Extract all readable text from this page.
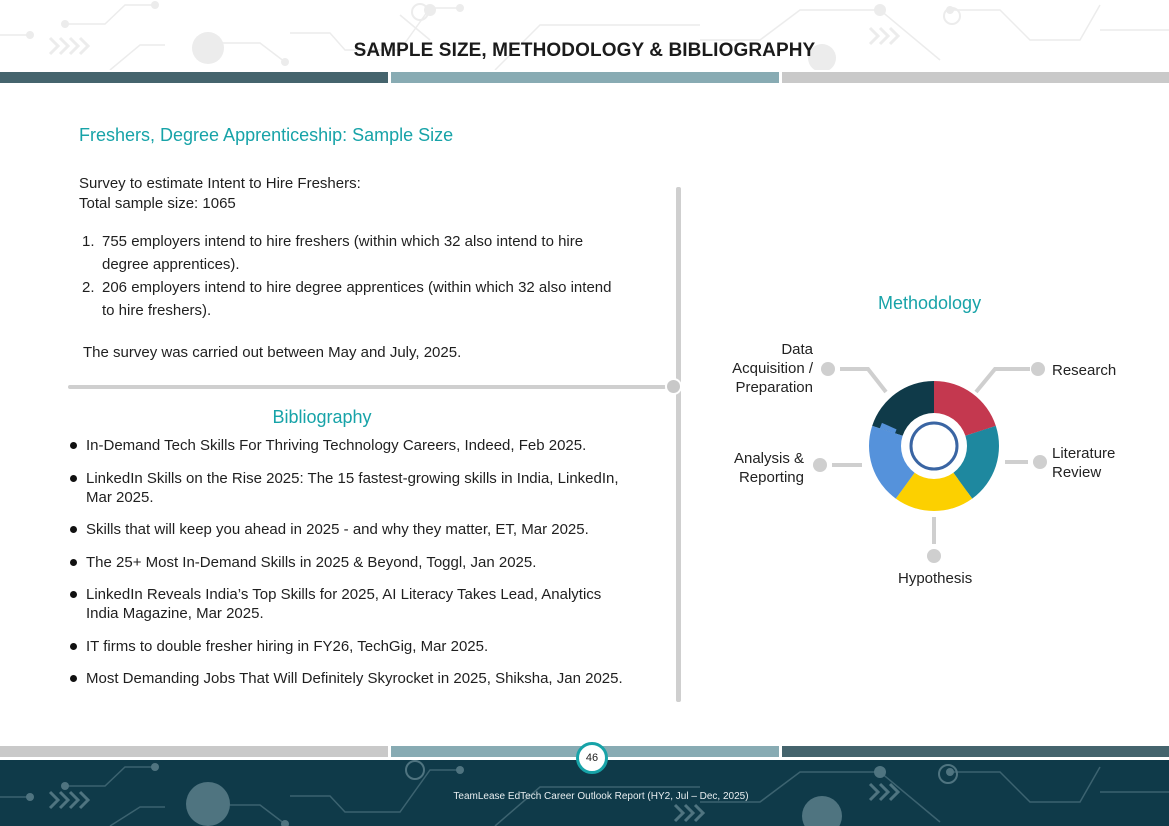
SAMPLE SIZE, METHODOLOGY & BIBLIOGRAPHY
Freshers, Degree Apprenticeship: Sample Size
Survey to estimate Intent to Hire Freshers:
Total sample size: 1065
1. 755 employers intend to hire freshers (within which 32 also intend to hire degree apprentices).
2. 206 employers intend to hire degree apprentices (within which 32 also intend to hire freshers).
The survey was carried out between May and July, 2025.
Bibliography
In-Demand Tech Skills For Thriving Technology Careers, Indeed, Feb 2025.
LinkedIn Skills on the Rise 2025: The 15 fastest-growing skills in India, LinkedIn, Mar 2025.
Skills that will keep you ahead in 2025 - and why they matter, ET, Mar 2025.
The 25+ Most In-Demand Skills in 2025 & Beyond, Toggl, Jan 2025.
LinkedIn Reveals India’s Top Skills for 2025, AI Literacy Takes Lead, Analytics India Magazine, Mar 2025.
IT firms to double fresher hiring in FY26, TechGig, Mar 2025.
Most Demanding Jobs That Will Definitely Skyrocket in 2025, Shiksha, Jan 2025.
Methodology
Data
Acquisition /
Preparation
Research
Literature
Review
Hypothesis
Analysis &
Reporting
TeamLease EdTech Career Outlook Report (HY2, Jul – Dec, 2025)
46
